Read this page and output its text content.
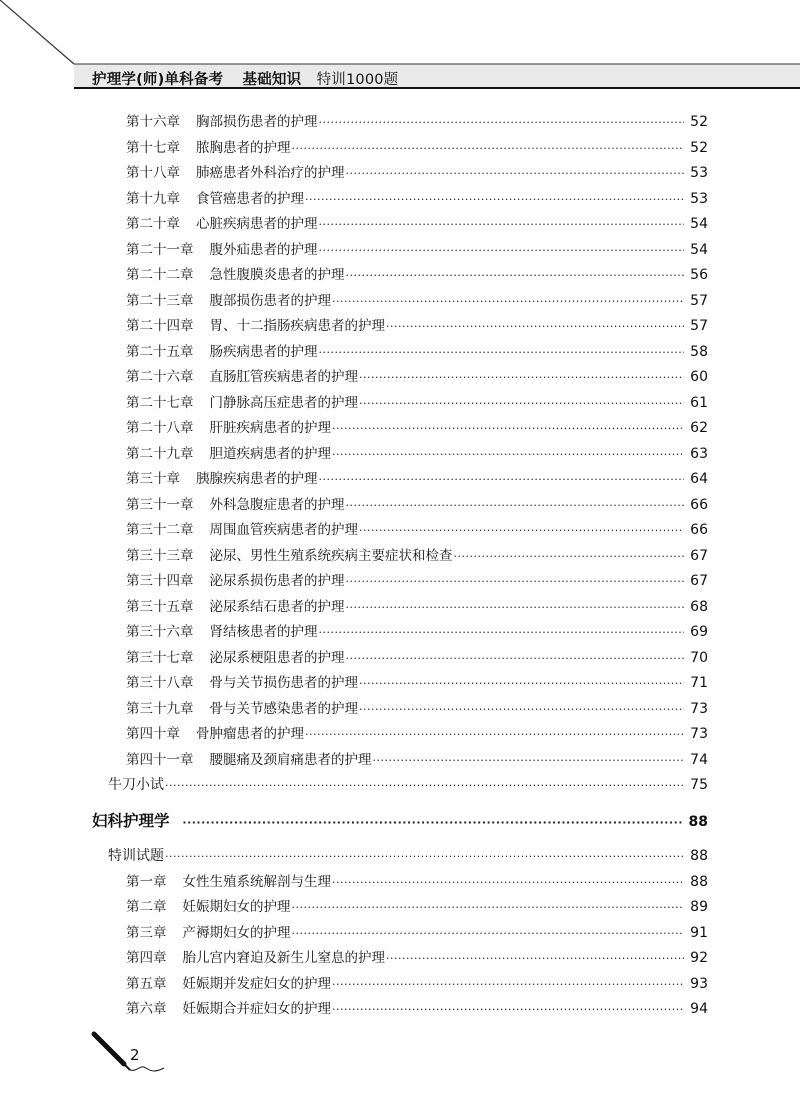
护理学(师)单科备考 基础知识 特训1000题
第十六章 胸部损伤患者的护理 ·····	52
第十七章 脓胸患者的护理 ·····	52
第十八章 肺癌患者外科治疗的护理 ·····	53
第十九章 食管癌患者的护理 ·····	53
第二十章 心脏疾病患者的护理 ·····	54
第二十一章 腹外疝患者的护理 ·····	54
第二十二章 急性腹膜炎患者的护理 ·····	56
第二十三章 腹部损伤患者的护理 ·····	57
第二十四章 胃、十二指肠疾病患者的护理 ·····	57
第二十五章 肠疾病患者的护理 ·····	58
第二十六章 直肠肛管疾病患者的护理 ·····	60
第二十七章 门静脉高压症患者的护理 ·····	61
第二十八章 肝脏疾病患者的护理 ·····	62
第二十九章 胆道疾病患者的护理 ·····	63
第三十章 胰腺疾病患者的护理 ·····	64
第三十一章 外科急腹症患者的护理 ·····	66
第三十二章 周围血管疾病患者的护理 ·····	66
第三十三章 泌尿、男性生殖系统疾病主要症状和检查 ·····	67
第三十四章 泌尿系损伤患者的护理 ·····	67
第三十五章 泌尿系结石患者的护理 ·····	68
第三十六章 肾结核患者的护理 ·····	69
第三十七章 泌尿系梗阻患者的护理 ·····	70
第三十八章 骨与关节损伤患者的护理 ·····	71
第三十九章 骨与关节感染患者的护理 ·····	73
第四十章 骨肿瘤患者的护理 ·····	73
第四十一章 腰腿痛及颈肩痛患者的护理 ·····	74
牛刀小试 ·····	75
妇科护理学 ·····	88
特训试题 ·····	88
第一章 女性生殖系统解剖与生理 ·····	88
第二章 妊娠期妇女的护理 ·····	89
第三章 产褥期妇女的护理 ·····	91
第四章 胎儿宫内窘迫及新生儿窒息的护理 ·····	92
第五章 妊娠期并发症妇女的护理 ·····	93
第六章 妊娠期合并症妇女的护理 ·····	94
2
